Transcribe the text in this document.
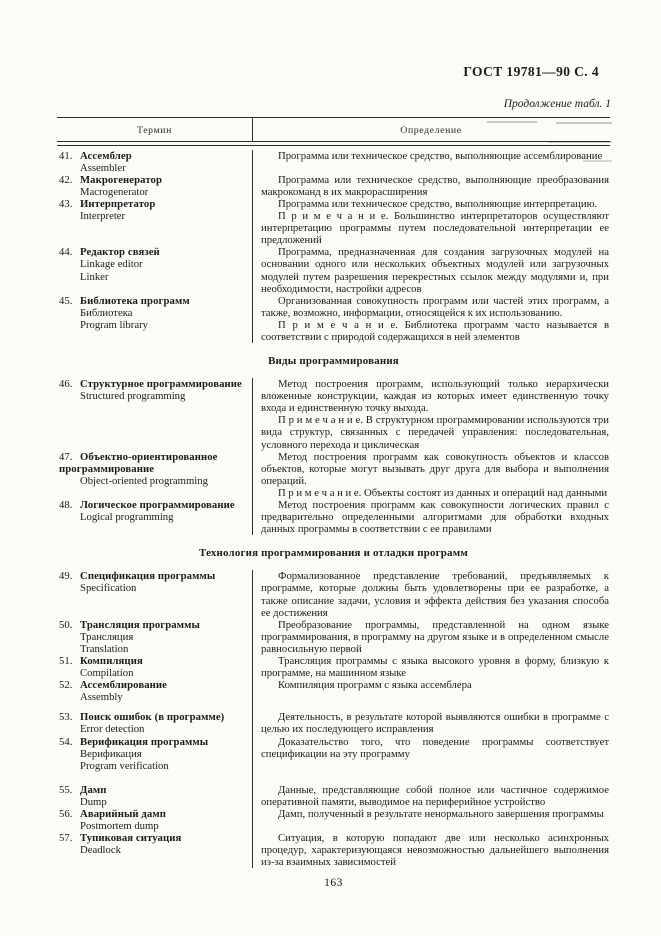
ГОСТ 19781—90 С. 4
Продолжение табл. 1
Термин	Определение
41. Ассемблер
Assembler

Программа или техническое средство, выполняющие ассемблирование

42. Макрогенератор
Macrogenerator

Программа или техническое средство, выполняющие преобразования макрокоманд в их макрорасширения

43. Интерпретатор
Interpreter

Программа или техническое средство, выполняющие интерпретацию.

П р и м е ч а н и е. Большинство интерпретаторов осуществляют интерпретацию программы путем последовательной интерпретации ее предложений

44. Редактор связей
Linkage editor
Linker

Программа, предназначенная для создания загрузочных модулей на основании одного или нескольких объектных модулей или загрузочных модулей путем разрешения перекрестных ссылок между модулями и, при необходимости, настройки адресов

45. Библиотека программ
Библиотека
Program library

Организованная совокупность программ или частей этих программ, а также, возможно, информации, относящейся к их использованию.

П р и м е ч а н и е. Библиотека программ часто называется в соответствии с природой содержащихся в ней элементов

Виды программирования
46. Структурное программирование
Structured programming

Метод построения программ, использующий только иерархически вложенные конструкции, каждая из которых имеет единственную точку входа и единственную точку выхода.

П р и м е ч а н и е. В структурном программировании используются три вида структур, связанных с передачей управления: последовательная, условного перехода и циклическая

47. Объектно-ориентированное программирование
Object-oriented programming

Метод построения программ как совокупность объектов и классов объектов, которые могут вызывать друг друга для выбора и выполнения операций.

П р и м е ч а н и е. Объекты состоят из данных и операций над данными

48. Логическое программирование
Logical programming

Метод построения программ как совокупности логических правил с предварительно определенными алгоритмами для обработки входных данных программы в соответствии с ее правилами

Технология программирования и отладки программ
49. Спецификация программы
Specification

Формализованное представление требований, предъявляемых к программе, которые должны быть удовлетворены при ее разработке, а также описание задачи, условия и эффекта действия без указания способа ее достижения

50. Трансляция программы
Трансляция
Translation

Преобразование программы, представленной на одном языке программирования, в программу на другом языке и в определенном смысле равносильную первой

51. Компиляция
Compilation

Трансляция программы с языка высокого уровня в форму, близкую к программе, на машинном языке

52. Ассемблирование
Assembly

Компиляция программ с языка ассемблера

53. Поиск ошибок (в программе)
Error detection

Деятельность, в результате которой выявляются ошибки в программе с целью их последующего исправления

54. Верификация программы
Верификация
Program verification

Доказательство того, что поведение программы соответствует спецификации на эту программу

55. Дамп
Dump

Данные, представляющие собой полное или частичное содержимое оперативной памяти, выводимое на периферийное устройство

56. Аварийный дамп
Postmortem dump

Дамп, полученный в результате ненормального завершения программы

57. Тупиковая ситуация
Deadlock

Ситуация, в которую попадают две или несколько асинхронных процедур, характеризующаяся невозможностью дальнейшего выполнения из-за взаимных зависимостей

163
